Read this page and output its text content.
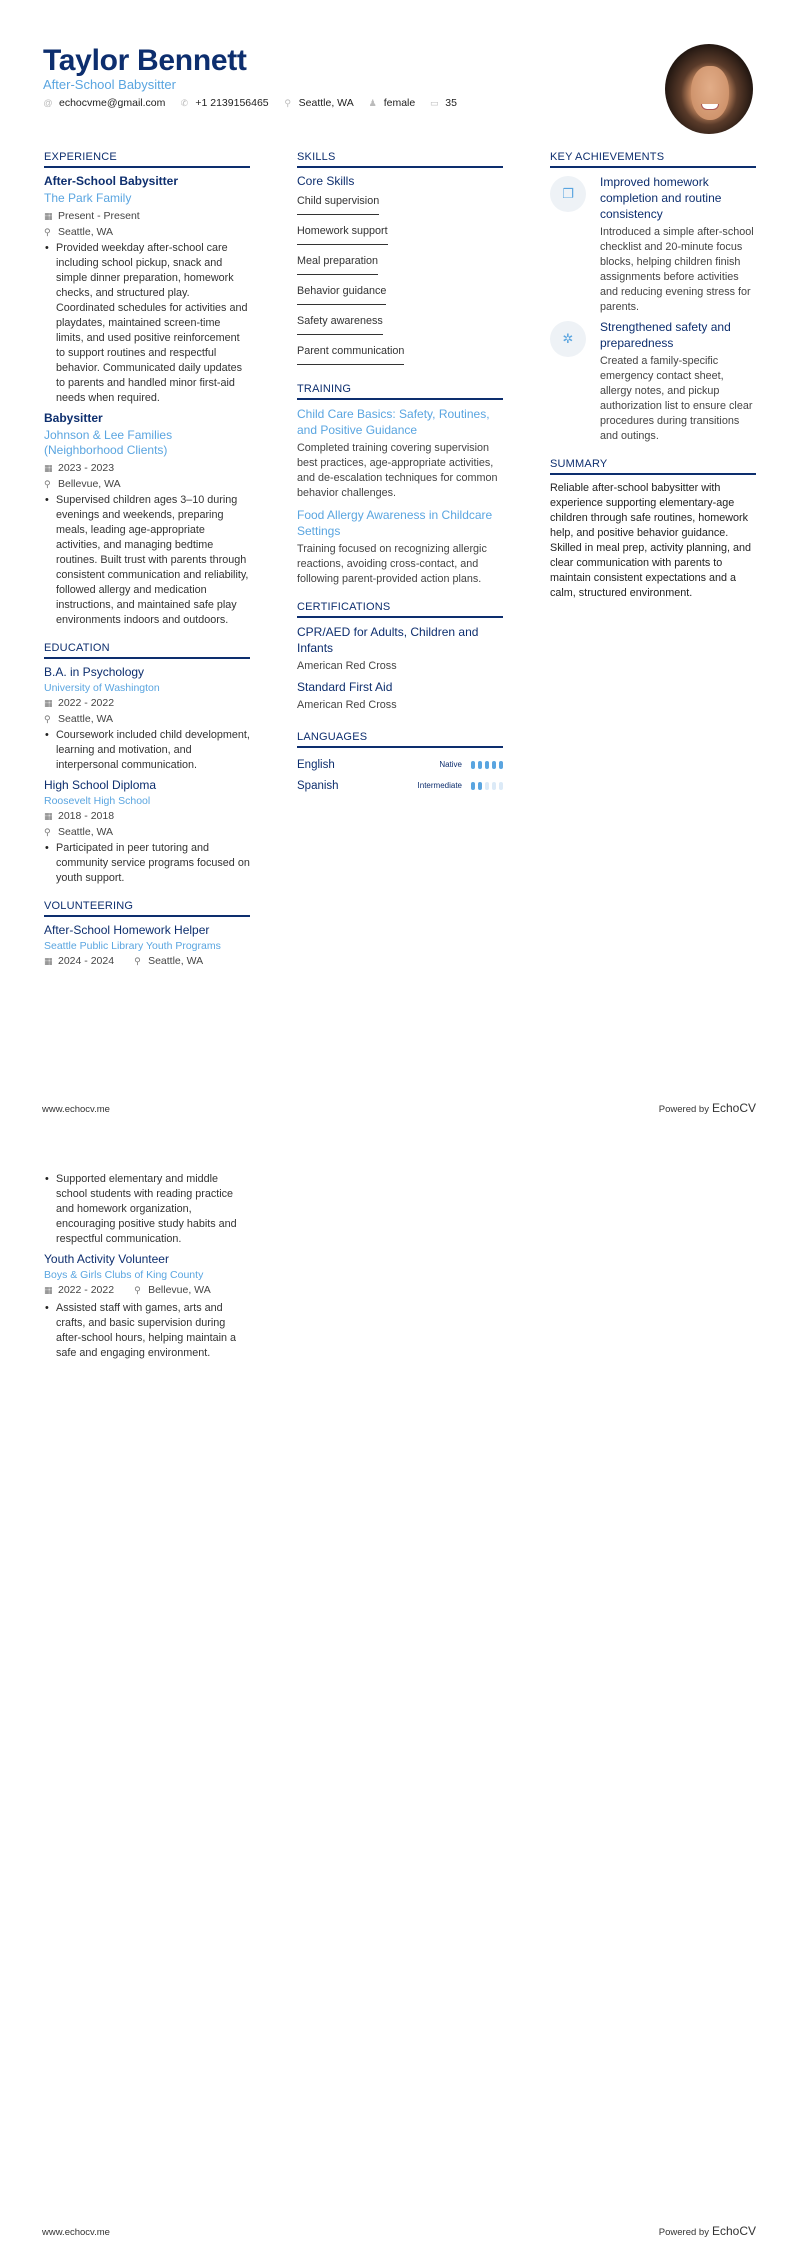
Taylor Bennett
After-School Babysitter
@ echocvme@gmail.com ✆ +1 2139156465 ⚲ Seattle, WA ♟ female ▭ 35
EXPERIENCE
After-School Babysitter
The Park Family
▦ Present - Present
⚲ Seattle, WA
• Provided weekday after-school care including school pickup, snack and simple dinner preparation, homework checks, and structured play. Coordinated schedules for activities and playdates, maintained screen-time limits, and used positive reinforcement to support routines and respectful behavior. Communicated daily updates to parents and handled minor first-aid needs when required.
Babysitter
Johnson & Lee Families (Neighborhood Clients)
▦ 2023 - 2023
⚲ Bellevue, WA
• Supervised children ages 3–10 during evenings and weekends, preparing meals, leading age-appropriate activities, and managing bedtime routines. Built trust with parents through consistent communication and reliability, followed allergy and medication instructions, and maintained safe play environments indoors and outdoors.
EDUCATION
B.A. in Psychology
University of Washington
▦ 2022 - 2022
⚲ Seattle, WA
• Coursework included child development, learning and motivation, and interpersonal communication.
High School Diploma
Roosevelt High School
▦ 2018 - 2018
⚲ Seattle, WA
• Participated in peer tutoring and community service programs focused on youth support.
VOLUNTEERING
After-School Homework Helper
Seattle Public Library Youth Programs
▦ 2024 - 2024 ⚲ Seattle, WA
SKILLS
Core Skills
Child supervision
Homework support
Meal preparation
Behavior guidance
Safety awareness
Parent communication
TRAINING
Child Care Basics: Safety, Routines, and Positive Guidance
Completed training covering supervision best practices, age-appropriate activities, and de-escalation techniques for common behavior challenges.
Food Allergy Awareness in Childcare Settings
Training focused on recognizing allergic reactions, avoiding cross-contact, and following parent-provided action plans.
CERTIFICATIONS
CPR/AED for Adults, Children and Infants
American Red Cross
Standard First Aid
American Red Cross
LANGUAGES
English	Native
Spanish	Intermediate
KEY ACHIEVEMENTS
❐
Improved homework completion and routine consistency
Introduced a simple after-school checklist and 20-minute focus blocks, helping children finish assignments before activities and reducing evening stress for parents.
✲
Strengthened safety and preparedness
Created a family-specific emergency contact sheet, allergy notes, and pickup authorization list to ensure clear procedures during transitions and outings.
SUMMARY
Reliable after-school babysitter with experience supporting elementary-age children through safe routines, homework help, and positive behavior guidance. Skilled in meal prep, activity planning, and clear communication with parents to maintain consistent expectations and a calm, structured environment.
www.echocv.me	Powered by EchoCV
• Supported elementary and middle school students with reading practice and homework organization, encouraging positive study habits and respectful communication.
Youth Activity Volunteer
Boys & Girls Clubs of King County
▦ 2022 - 2022 ⚲ Bellevue, WA
• Assisted staff with games, arts and crafts, and basic supervision during after-school hours, helping maintain a safe and engaging environment.
www.echocv.me	Powered by EchoCV
